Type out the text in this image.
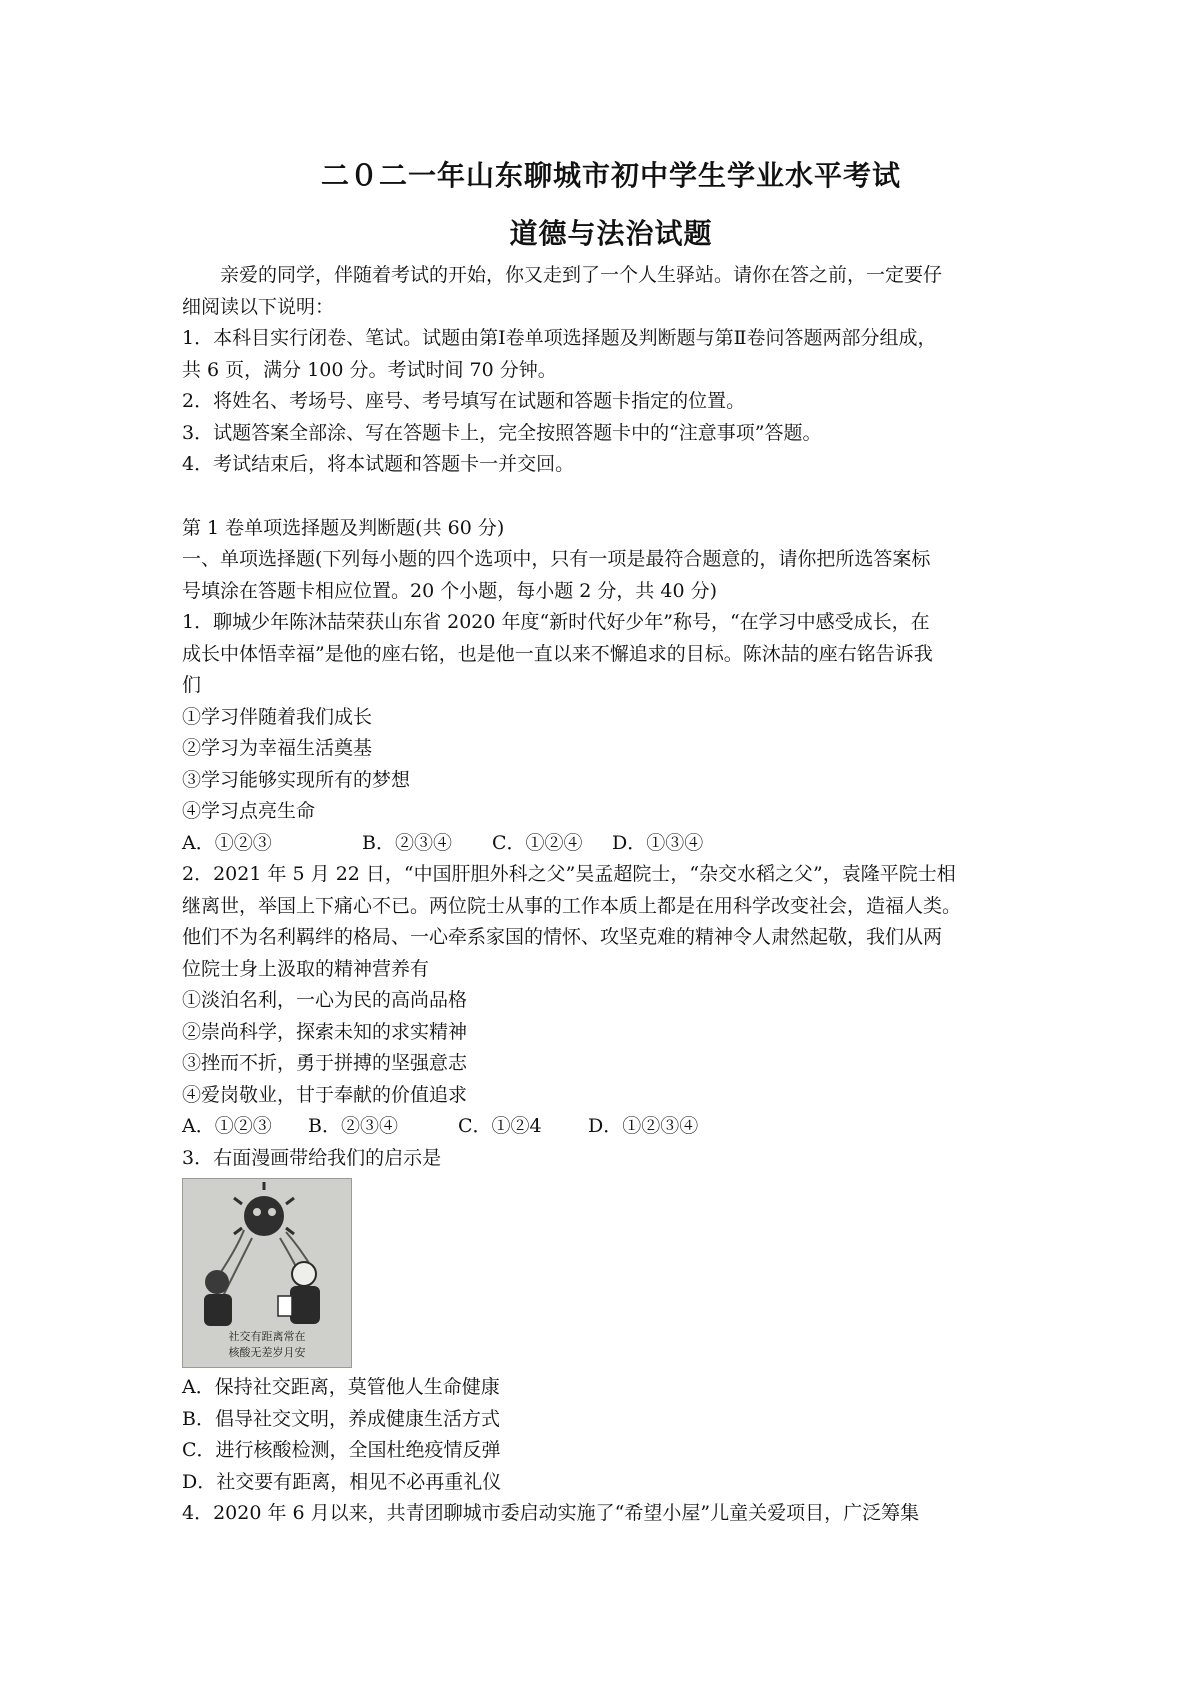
二０二一年山东聊城市初中学生学业水平考试
道德与法治试题

亲爱的同学，伴随着考试的开始，你又走到了一个人生驿站。请你在答之前，一定要仔

细阅读以下说明：

1．本科目实行闭卷、笔试。试题由第Ⅰ卷单项选择题及判断题与第Ⅱ卷问答题两部分组成，

共 6 页，满分 100 分。考试时间 70 分钟。

2．将姓名、考场号、座号、考号填写在试题和答题卡指定的位置。

3．试题答案全部涂、写在答题卡上，完全按照答题卡中的“注意事项”答题。

4．考试结束后，将本试题和答题卡一并交回。

第 1 卷单项选择题及判断题(共 60 分)

一、单项选择题(下列每小题的四个选项中，只有一项是最符合题意的，请你把所选答案标

号填涂在答题卡相应位置。20 个小题，每小题 2 分，共 40 分)

1．聊城少年陈沐喆荣获山东省 2020 年度“新时代好少年”称号，“在学习中感受成长，在

成长中体悟幸福”是他的座右铭，也是他一直以来不懈追求的目标。陈沐喆的座右铭告诉我

们

①学习伴随着我们成长

②学习为幸福生活奠基

③学习能够实现所有的梦想

④学习点亮生命

A．①②③	B．②③④ C．①②④ D．①③④

2．2021 年 5 月 22 日，“中国肝胆外科之父”吴孟超院士，“杂交水稻之父”，袁隆平院士相

继离世，举国上下痛心不已。两位院士从事的工作本质上都是在用科学改变社会，造福人类。

他们不为名利羁绊的格局、一心牵系家国的情怀、攻坚克难的精神令人肃然起敬，我们从两

位院士身上汲取的精神营养有

①淡泊名利，一心为民的高尚品格

②崇尚科学，探索未知的求实精神

③挫而不折，勇于拼搏的坚强意志

④爱岗敬业，甘于奉献的价值追求

A．①②③ B．②③④	C．①②4 D．①②③④

3．右面漫画带给我们的启示是

社交有距离常在
核酸无差岁月安

A．保持社交距离，莫管他人生命健康

B．倡导社交文明，养成健康生活方式

C．进行核酸检测，全国杜绝疫情反弹

D．社交要有距离，相见不必再重礼仪

4．2020 年 6 月以来，共青团聊城市委启动实施了“希望小屋”儿童关爱项目，广泛筹集
